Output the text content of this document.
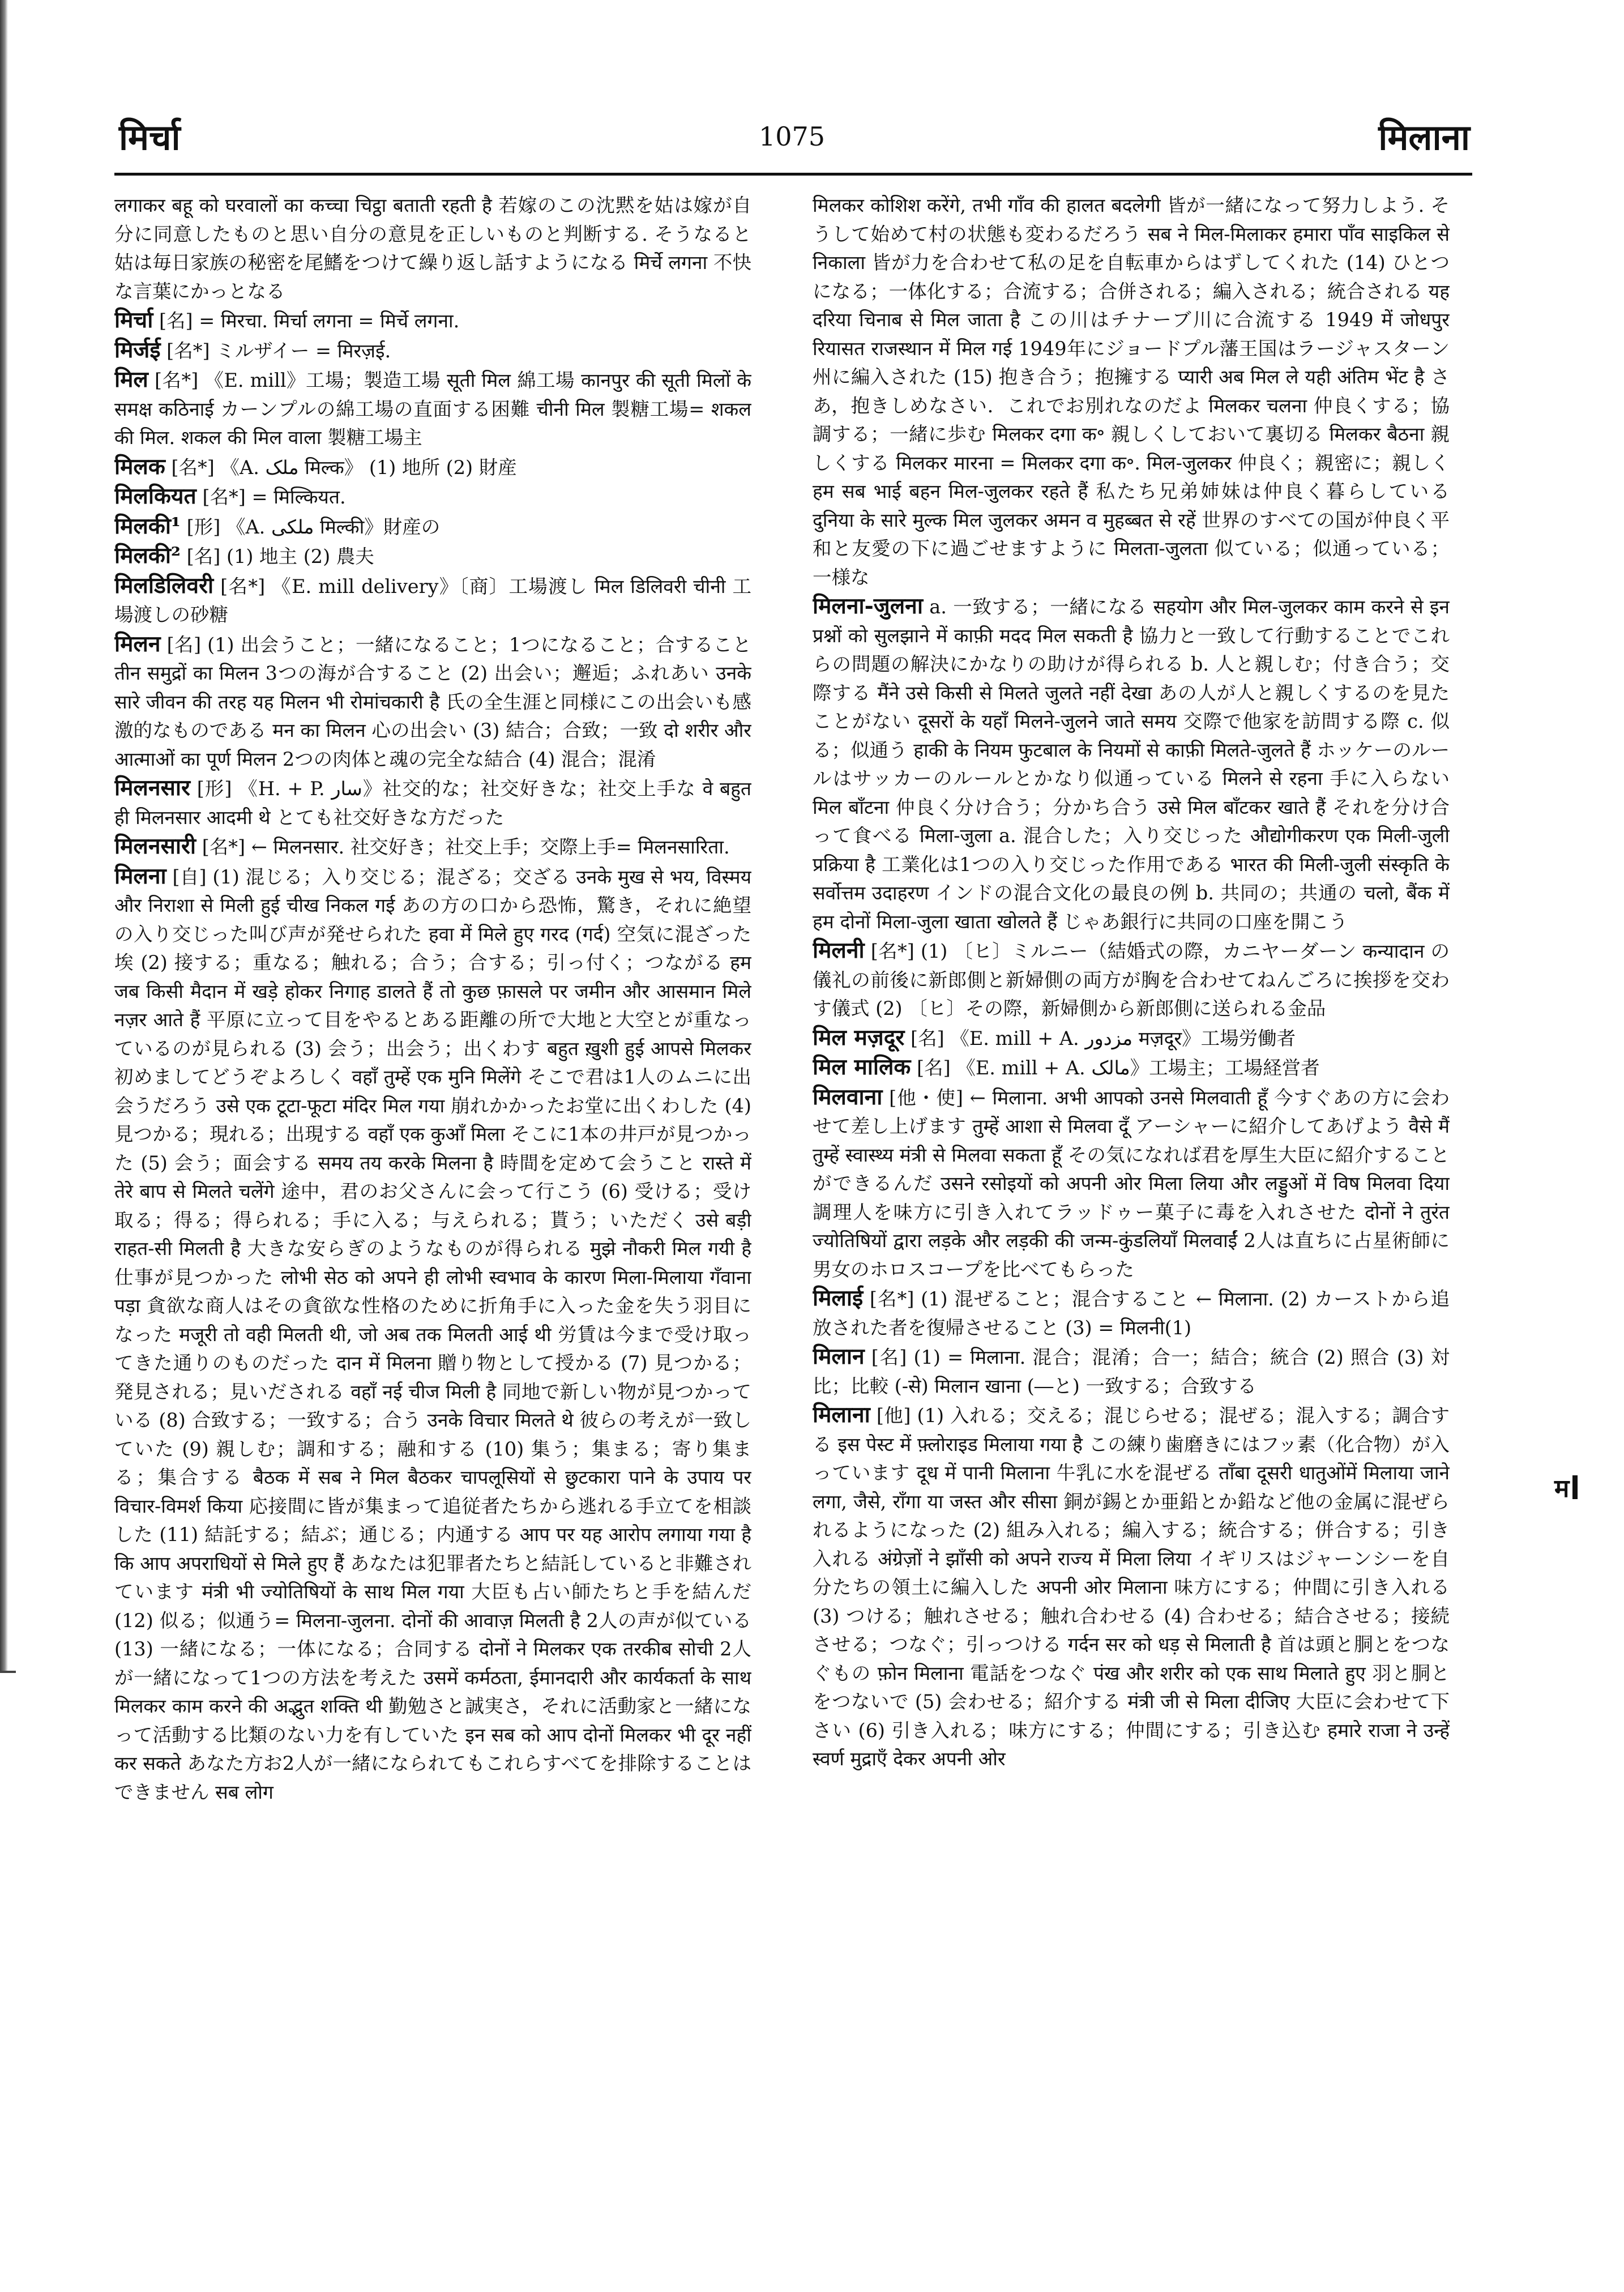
मिर्चा	1075	मिलाना

लगाकर बहू को घरवालों का कच्चा चिट्ठा बताती रहती है 若嫁のこの沈黙を姑は嫁が自分に同意したものと思い自分の意見を正しいものと判断する. そうなると姑は毎日家族の秘密を尾鰭をつけて繰り返し話すようになる मिर्चे लगना 不快な言葉にかっとなる

मिर्चा [名] = मिरचा. मिर्चा लगना = मिर्चे लगना.

मिर्जई [名*] ミルザイー = मिरज़ई.

मिल [名*] 《E. mill》工場；製造工場 सूती मिल 綿工場 कानपुर की सूती मिलों के समक्ष कठिनाई カーンプルの綿工場の直面する困難 चीनी मिल 製糖工場= शकल की मिल. शकल की मिल वाला 製糖工場主

मिलक [名*] 《A. ملک मिल्क》 (1) 地所 (2) 財産

मिलकियत [名*] = मिल्कियत.

मिलकी¹ [形] 《A. ملکی मिल्की》財産の

मिलकी² [名] (1) 地主 (2) 農夫

मिलडिलिवरी [名*] 《E. mill delivery》〔商〕工場渡し मिल डिलिवरी चीनी 工場渡しの砂糖

मिलन [名] (1) 出会うこと；一緒になること；1つになること；合すること तीन समुद्रों का मिलन 3つの海が合すること (2) 出会い；邂逅；ふれあい उनके सारे जीवन की तरह यह मिलन भी रोमांचकारी है 氏の全生涯と同様にこの出会いも感激的なものである मन का मिलन 心の出会い (3) 結合；合致；一致 दो शरीर और आत्माओं का पूर्ण मिलन 2つの肉体と魂の完全な結合 (4) 混合；混淆

मिलनसार [形] 《H. + P. سار》社交的な；社交好きな；社交上手な वे बहुत ही मिलनसार आदमी थे とても社交好きな方だった

मिलनसारी [名*] ← मिलनसार. 社交好き；社交上手；交際上手= मिलनसारिता.

मिलना [自] (1) 混じる；入り交じる；混ざる；交ざる उनके मुख से भय, विस्मय और निराशा से मिली हुई चीख निकल गई あの方の口から恐怖，驚き，それに絶望の入り交じった叫び声が発せられた हवा में मिले हुए गरद (गर्द) 空気に混ざった埃 (2) 接する；重なる；触れる；合う；合する；引っ付く；つながる हम जब किसी मैदान में खड़े होकर निगाह डालते हैं तो कुछ फ़ासले पर जमीन और आसमान मिले नज़र आते हैं 平原に立って目をやるとある距離の所で大地と大空とが重なっているのが見られる (3) 会う；出会う；出くわす बहुत ख़ुशी हुई आपसे मिलकर 初めましてどうぞよろしく वहाँ तुम्हें एक मुनि मिलेंगे そこで君は1人のムニに出会うだろう उसे एक टूटा-फूटा मंदिर मिल गया 崩れかかったお堂に出くわした (4) 見つかる；現れる；出現する वहाँ एक कुआँ मिला そこに1本の井戸が見つかった (5) 会う；面会する समय तय करके मिलना है 時間を定めて会うこと रास्ते में तेरे बाप से मिलते चलेंगे 途中，君のお父さんに会って行こう (6) 受ける；受け取る；得る；得られる；手に入る；与えられる；貰う；いただく उसे बड़ी राहत-सी मिलती है 大きな安らぎのようなものが得られる मुझे नौकरी मिल गयी है 仕事が見つかった लोभी सेठ को अपने ही लोभी स्वभाव के कारण मिला-मिलाया गँवाना पड़ा 貪欲な商人はその貪欲な性格のために折角手に入った金を失う羽目になった मजूरी तो वही मिलती थी, जो अब तक मिलती आई थी 労賃は今まで受け取ってきた通りのものだった दान में मिलना 贈り物として授かる (7) 見つかる；発見される；見いだされる वहाँ नई चीज मिली है 同地で新しい物が見つかっている (8) 合致する；一致する；合う उनके विचार मिलते थे 彼らの考えが一致していた (9) 親しむ；調和する；融和する (10) 集う；集まる；寄り集まる；集合する बैठक में सब ने मिल बैठकर चापलूसियों से छुटकारा पाने के उपाय पर विचार-विमर्श किया 応接間に皆が集まって追従者たちから逃れる手立てを相談した (11) 結託する；結ぶ；通じる；内通する आप पर यह आरोप लगाया गया है कि आप अपराधियों से मिले हुए हैं あなたは犯罪者たちと結託していると非難されています मंत्री भी ज्योतिषियों के साथ मिल गया 大臣も占い師たちと手を結んだ (12) 似る；似通う= मिलना-जुलना. दोनों की आवाज़ मिलती है 2人の声が似ている (13) 一緒になる；一体になる；合同する दोनों ने मिलकर एक तरकीब सोची 2人が一緒になって1つの方法を考えた उसमें कर्मठता, ईमानदारी और कार्यकर्ता के साथ मिलकर काम करने की अद्भुत शक्ति थी 勤勉さと誠実さ，それに活動家と一緒になって活動する比類のない力を有していた इन सब को आप दोनों मिलकर भी दूर नहीं कर सकते あなた方お2人が一緒になられてもこれらすべてを排除することはできません सब लोग

मिलकर कोशिश करेंगे, तभी गाँव की हालत बदलेगी 皆が一緒になって努力しよう. そうして始めて村の状態も変わるだろう सब ने मिल-मिलाकर हमारा पाँव साइकिल से निकाला 皆が力を合わせて私の足を自転車からはずしてくれた (14) ひとつになる；一体化する；合流する；合併される；編入される；統合される यह दरिया चिनाब से मिल जाता है この川はチナーブ川に合流する 1949 में जोधपुर रियासत राजस्थान में मिल गई 1949年にジョードプル藩王国はラージャスターン州に編入された (15) 抱き合う；抱擁する प्यारी अब मिल ले यही अंतिम भेंट है さあ，抱きしめなさい．これでお別れなのだよ मिलकर चलना 仲良くする；協調する；一緒に歩む मिलकर दगा क॰ 親しくしておいて裏切る मिलकर बैठना 親しくする मिलकर मारना = मिलकर दगा क॰. मिल-जुलकर 仲良く；親密に；親しく हम सब भाई बहन मिल-जुलकर रहते हैं 私たち兄弟姉妹は仲良く暮らしている दुनिया के सारे मुल्क मिल जुलकर अमन व मुहब्बत से रहें 世界のすべての国が仲良く平和と友愛の下に過ごせますように मिलता-जुलता 似ている；似通っている；一様な

मिलना-जुलना a. 一致する；一緒になる सहयोग और मिल-जुलकर काम करने से इन प्रश्नों को सुलझाने में काफ़ी मदद मिल सकती है 協力と一致して行動することでこれらの問題の解決にかなりの助けが得られる b. 人と親しむ；付き合う；交際する मैंने उसे किसी से मिलते जुलते नहीं देखा あの人が人と親しくするのを見たことがない दूसरों के यहाँ मिलने-जुलने जाते समय 交際で他家を訪問する際 c. 似る；似通う हाकी के नियम फुटबाल के नियमों से काफ़ी मिलते-जुलते हैं ホッケーのルールはサッカーのルールとかなり似通っている मिलने से रहना 手に入らない मिल बाँटना 仲良く分け合う；分かち合う उसे मिल बाँटकर खाते हैं それを分け合って食べる मिला-जुला a. 混合した；入り交じった औद्योगीकरण एक मिली-जुली प्रक्रिया है 工業化は1つの入り交じった作用である भारत की मिली-जुली संस्कृति के सर्वोत्तम उदाहरण インドの混合文化の最良の例 b. 共同の；共通の चलो, बैंक में हम दोनों मिला-जुला खाता खोलते हैं じゃあ銀行に共同の口座を開こう

मिलनी [名*] (1) 〔ヒ〕ミルニー（結婚式の際，カニヤーダーン कन्यादान の儀礼の前後に新郎側と新婦側の両方が胸を合わせてねんごろに挨拶を交わす儀式 (2) 〔ヒ〕その際，新婦側から新郎側に送られる金品

मिल मज़दूर [名] 《E. mill + A. مزدور मज़दूर》工場労働者

मिल मालिक [名] 《E. mill + A. مالک》工場主；工場経営者

मिलवाना [他・使] ← मिलाना. अभी आपको उनसे मिलवाती हूँ 今すぐあの方に会わせて差し上げます तुम्हें आशा से मिलवा दूँ アーシャーに紹介してあげよう वैसे मैं तुम्हें स्वास्थ्य मंत्री से मिलवा सकता हूँ その気になれば君を厚生大臣に紹介することができるんだ उसने रसोइयों को अपनी ओर मिला लिया और लड्डुओं में विष मिलवा दिया 調理人を味方に引き入れてラッドゥー菓子に毒を入れさせた दोनों ने तुरंत ज्योतिषियों द्वारा लड़के और लड़की की जन्म-कुंडलियाँ मिलवाईं 2人は直ちに占星術師に男女のホロスコープを比べてもらった

मिलाई [名*] (1) 混ぜること；混合すること ← मिलाना. (2) カーストから追放された者を復帰させること (3) = मिलनी(1)

मिलान [名] (1) = मिलाना. 混合；混淆；合一；結合；統合 (2) 照合 (3) 対比；比較 (-से) मिलान खाना (―と) 一致する；合致する

मिलाना [他] (1) 入れる；交える；混じらせる；混ぜる；混入する；調合する इस पेस्ट में फ़्लोराइड मिलाया गया है この練り歯磨きにはフッ素（化合物）が入っています दूध में पानी मिलाना 牛乳に水を混ぜる ताँबा दूसरी धातुओंमें मिलाया जाने लगा, जैसे, राँगा या जस्त और सीसा 銅が錫とか亜鉛とか鉛など他の金属に混ぜられるようになった (2) 組み入れる；編入する；統合する；併合する；引き入れる अंग्रेज़ों ने झाँसी को अपने राज्य में मिला लिया イギリスはジャーンシーを自分たちの領土に編入した अपनी ओर मिलाना 味方にする；仲間に引き入れる (3) つける；触れさせる；触れ合わせる (4) 合わせる；結合させる；接続させる；つなぐ；引っつける गर्दन सर को धड़ से मिलाती है 首は頭と胴とをつなぐもの फ़ोन मिलाना 電話をつなぐ पंख और शरीर को एक साथ मिलाते हुए 羽と胴とをつないで (5) 会わせる；紹介する मंत्री जी से मिला दीजिए 大臣に会わせて下さい (6) 引き入れる；味方にする；仲間にする；引き込む हमारे राजा ने उन्हें स्वर्ण मुद्राएँ देकर अपनी ओर

म
